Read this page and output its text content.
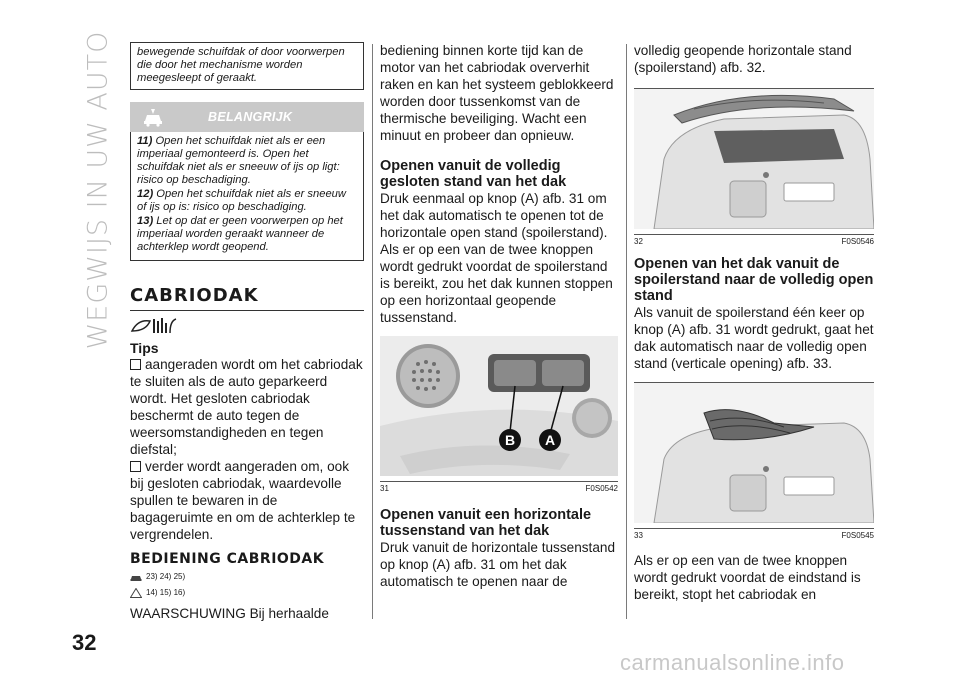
WEGWIJS IN UW AUTO	bewegende schuifdak of door voorwerpen die door het mechanisme worden meegesleept of geraakt.

BELANGRIJK

11) Open het schuifdak niet als er een imperiaal gemonteerd is. Open het schuifdak niet als er sneeuw of ijs op ligt: risico op beschadiging.

12) Open het schuifdak niet als er sneeuw of ijs op is: risico op beschadiging.

13) Let op dat er geen voorwerpen op het imperiaal worden geraakt wanneer de achterklep wordt geopend.

CABRIODAK
Tips

aangeraden wordt om het cabriodak te sluiten als de auto geparkeerd wordt. Het gesloten cabriodak beschermt de auto tegen de weersomstandigheden en tegen diefstal;

verder wordt aangeraden om, ook bij gesloten cabriodak, waardevolle spullen te bewaren in de bagageruimte en om de achterklep te vergrendelen.

BEDIENING CABRIODAK
23) 24) 25)
14) 15) 16)

WAARSCHUWING Bij herhaalde

bediening binnen korte tijd kan de motor van het cabriodak oververhit raken en kan het systeem geblokkeerd worden door tussenkomst van de thermische beveiliging. Wacht een minuut en probeer dan opnieuw.

Openen vanuit de volledig gesloten stand van het dak

Druk eenmaal op knop (A) afb. 31 om het dak automatisch te openen tot de horizontale open stand (spoilerstand). Als er op een van de twee knoppen wordt gedrukt voordat de spoilerstand is bereikt, zou het dak kunnen stoppen op een horizontaal geopende tussenstand.

B A
31	F0S0542
Openen vanuit een horizontale tussenstand van het dak

Druk vanuit de horizontale tussenstand op knop (A) afb. 31 om het dak automatisch te openen naar de

volledig geopende horizontale stand (spoilerstand) afb. 32.

32	F0S0546
Openen van het dak vanuit de spoilerstand naar de volledig open stand

Als vanuit de spoilerstand één keer op knop (A) afb. 31 wordt gedrukt, gaat het dak automatisch naar de volledig open stand (verticale opening) afb. 33.

33	F0S0545

Als er op een van de twee knoppen wordt gedrukt voordat de eindstand is bereikt, stopt het cabriodak en

32
carmanualsonline.info
